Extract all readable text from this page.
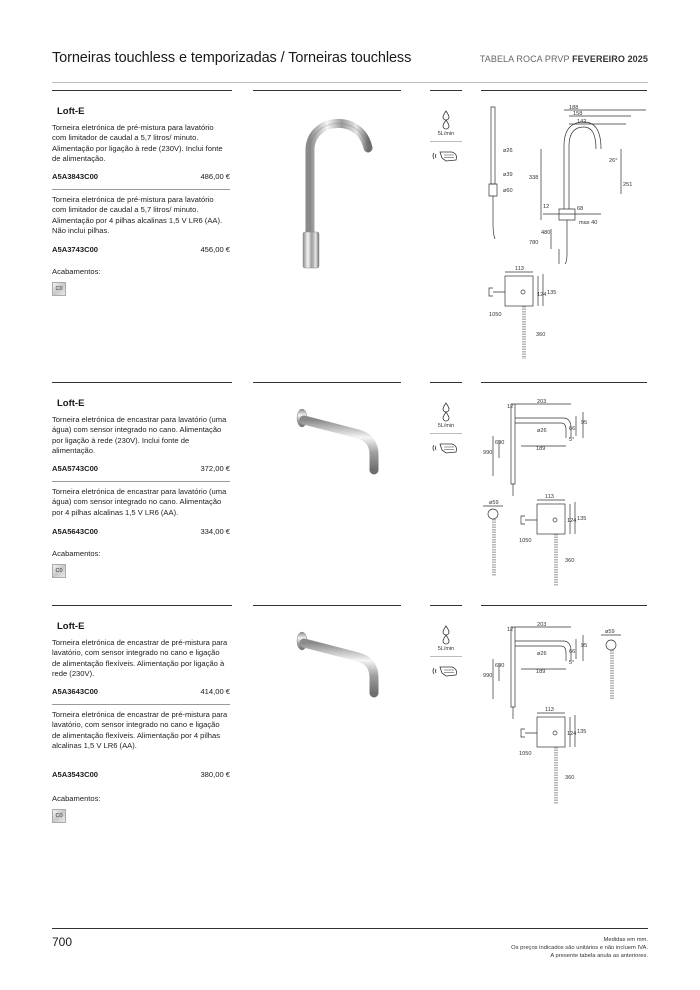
Torneiras touchless e temporizadas / Torneiras touchless	TABELA ROCA PRVP FEVEREIRO 2025
Loft-E
Torneira eletrónica de pré-mistura para lavatório com limitador de caudal a 5,7 litros/ minuto. Alimentação por ligação à rede (230V). Inclui fonte de alimentação.
A5A3843C00	486,00 €
Torneira eletrónica de pré-mistura para lavatório com limitador de caudal a 5,7 litros/ minuto. Alimentação por 4 pilhas alcalinas 1,5 V LR6 (AA). Não inclui pilhas.
A5A3743C00	456,00 €
Acabamentos:
C0
5L/min
188
158
142
ø26
26°
ø39
ø60
338
251
12	68
max 40
480
780
113
124 135
1050
360
Loft-E
Torneira eletrónica de encastrar para lavatório (uma água) com sensor integrado no cano. Alimentação por ligação à rede (230V). Inclui fonte de alimentação.
A5A5743C00	372,00 €
Torneira eletrónica de encastrar para lavatório (uma água) com sensor integrado no cano. Alimentação por 4 pilhas alcalinas 1,5 V LR6 (AA).
A5A5643C00	334,00 €
Acabamentos:
C0
5L/min
12
203
ø26	66
95
5°
690
990
189
ø59
113
124 135
1050
360
Loft-E
Torneira eletrónica de encastrar de pré-mistura para lavatório, com sensor integrado no cano e ligação de alimentação flexíveis. Alimentação por ligação à rede (230V).
A5A3643C00	414,00 €
Torneira eletrónica de encastrar de pré-mistura para lavatório, com sensor integrado no cano e ligação de alimentação flexíveis. Alimentação por 4 pilhas alcalinas 1,5 V LR6 (AA).
A5A3543C00	380,00 €
Acabamentos:
C0
5L/min
12
203
ø26	66
95
5°
690
990
189
ø59
113
124 135
1050
360
700	Medidas em mm.
Os preços indicados são unitários e não incluem IVA.
A presente tabela anula as anteriores.
